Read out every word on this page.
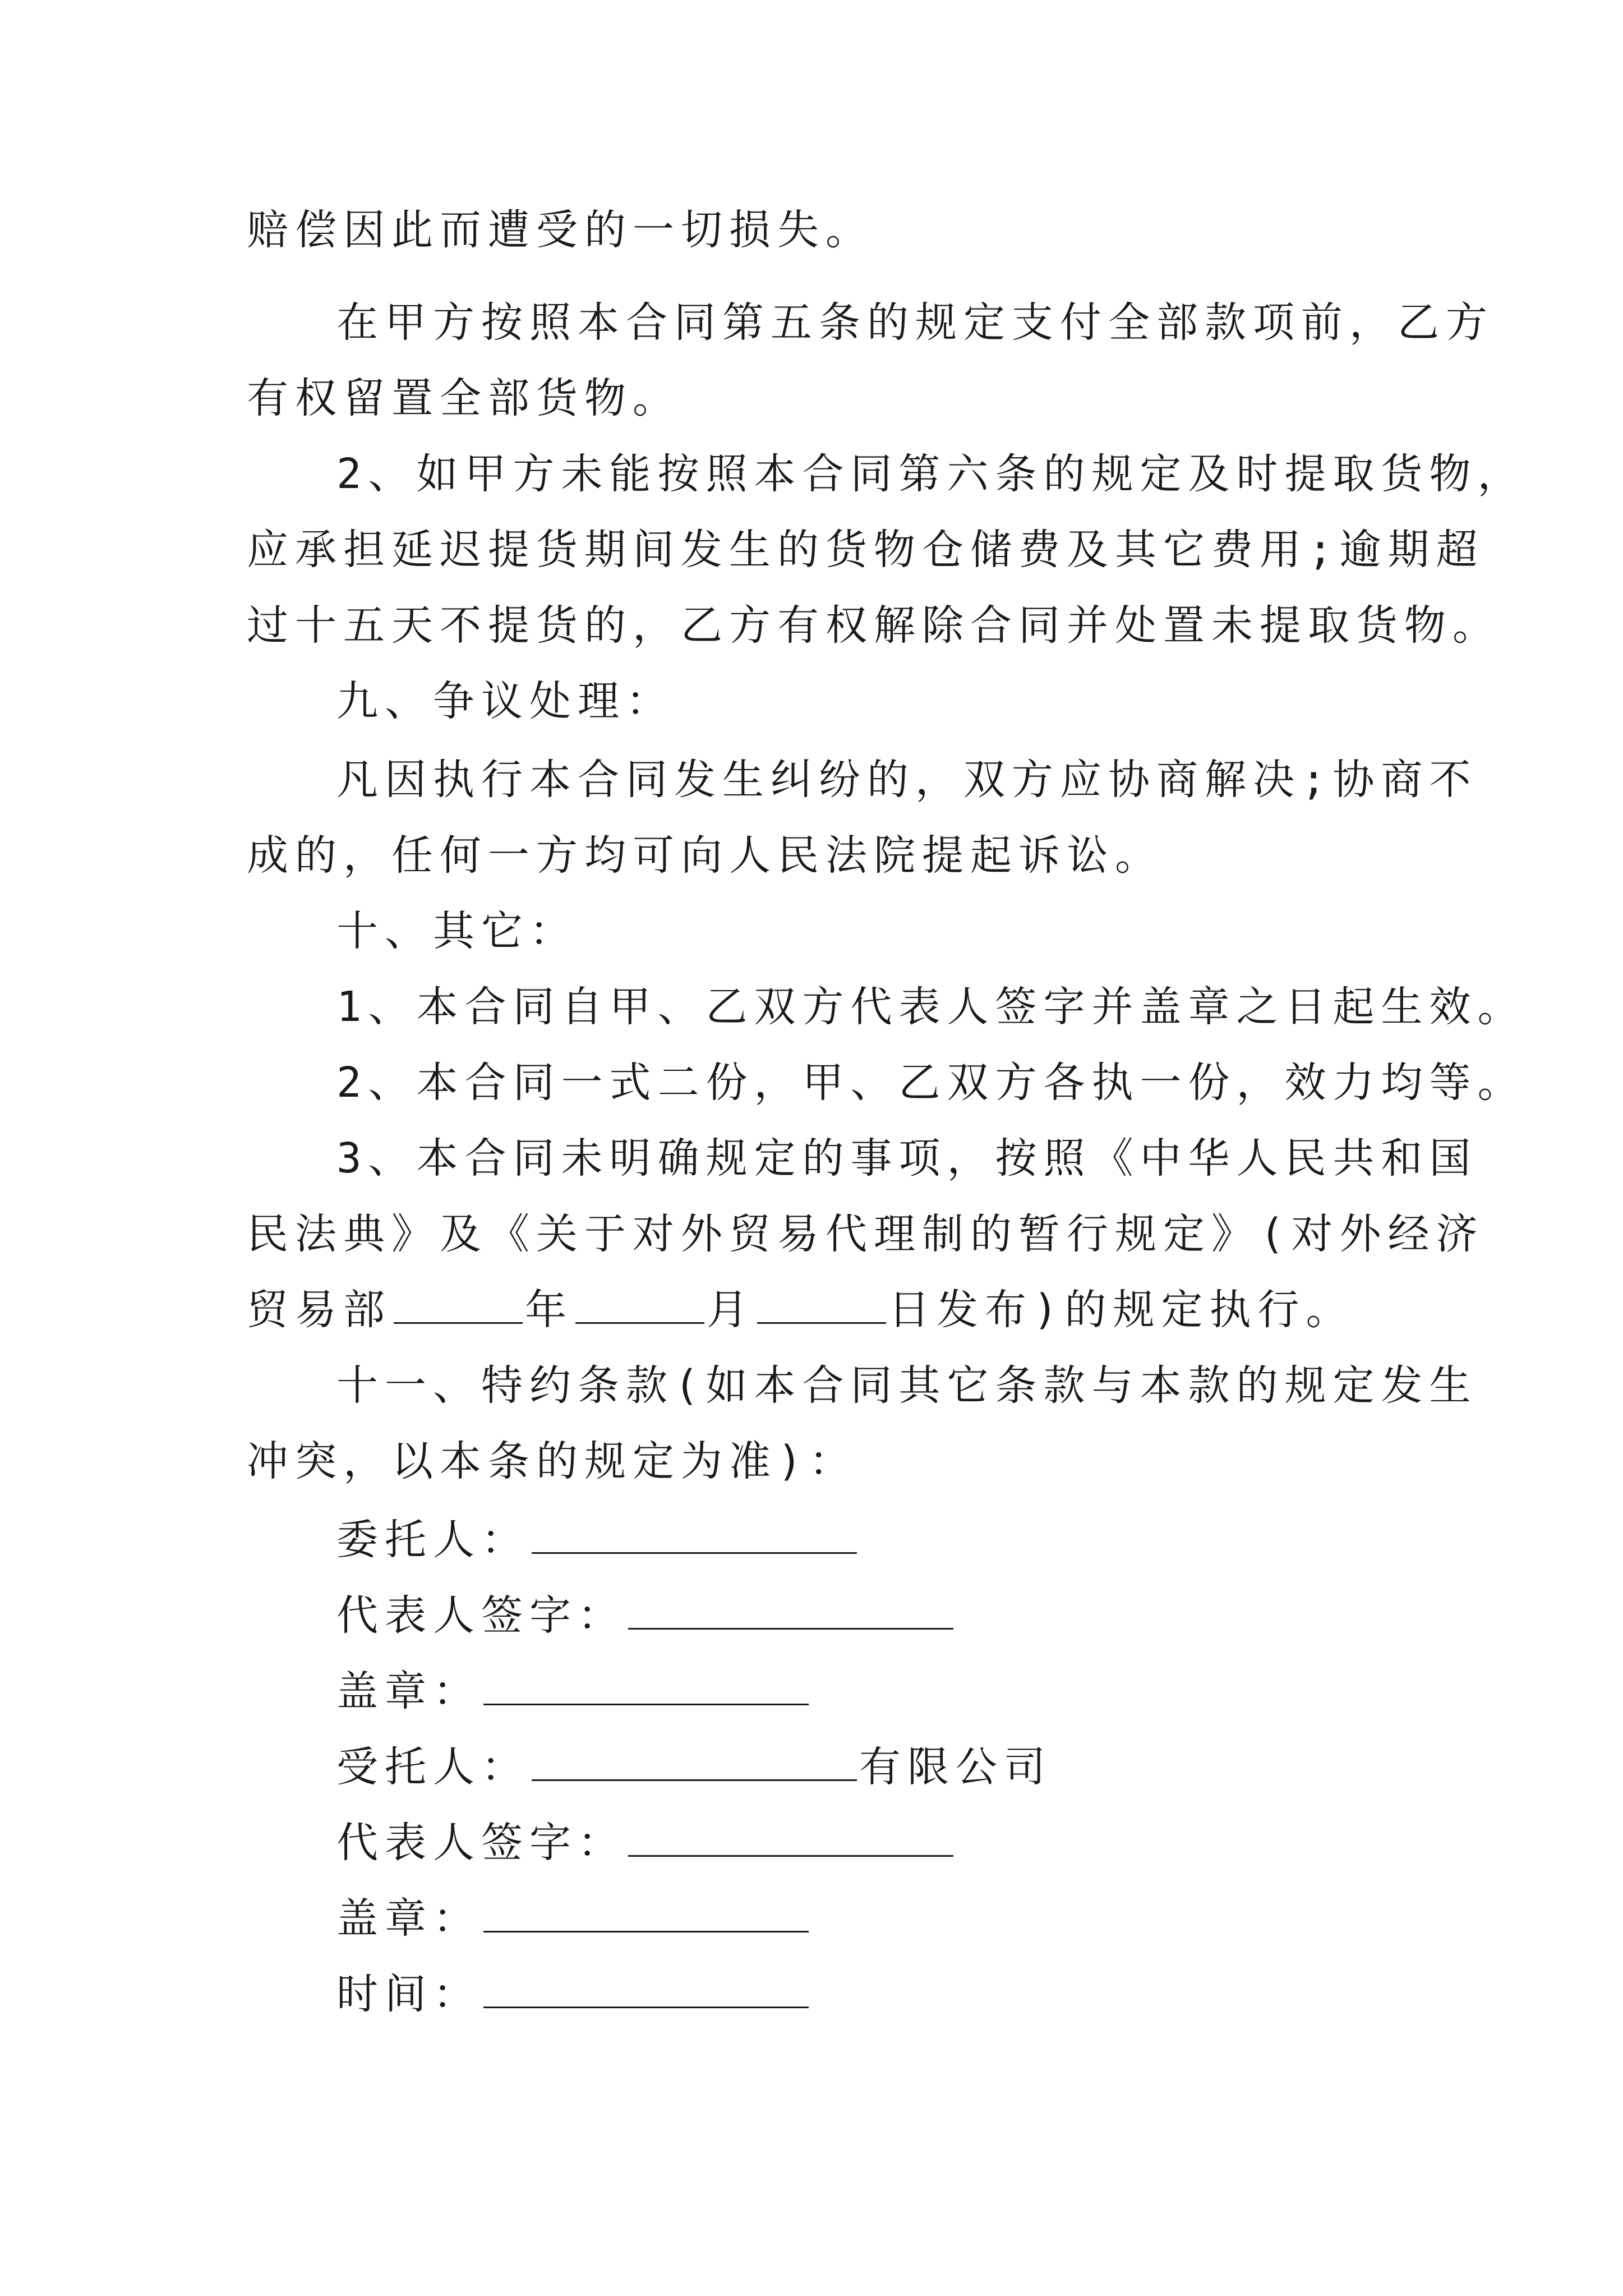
赔偿因此而遭受的一切损失。
在甲方按照本合同第五条的规定支付全部款项前，乙方
有权留置全部货物。
2、如甲方未能按照本合同第六条的规定及时提取货物，
应承担延迟提货期间发生的货物仓储费及其它费用;逾期超
过十五天不提货的，乙方有权解除合同并处置未提取货物。
九、争议处理：
凡因执行本合同发生纠纷的，双方应协商解决;协商不
成的，任何一方均可向人民法院提起诉讼。
十、其它：
1、本合同自甲、乙双方代表人签字并盖章之日起生效。
2、本合同一式二份，甲、乙双方各执一份，效力均等。
3、本合同未明确规定的事项，按照《中华人民共和国
民法典》及《关于对外贸易代理制的暂行规定》(对外经济
贸易部	年	月	日发布)的规定执行。
十一、特约条款(如本合同其它条款与本款的规定发生
冲突，以本条的规定为准)：
委托人：
代表人签字：
盖章：
受托人：	有限公司
代表人签字：
盖章：
时间：
